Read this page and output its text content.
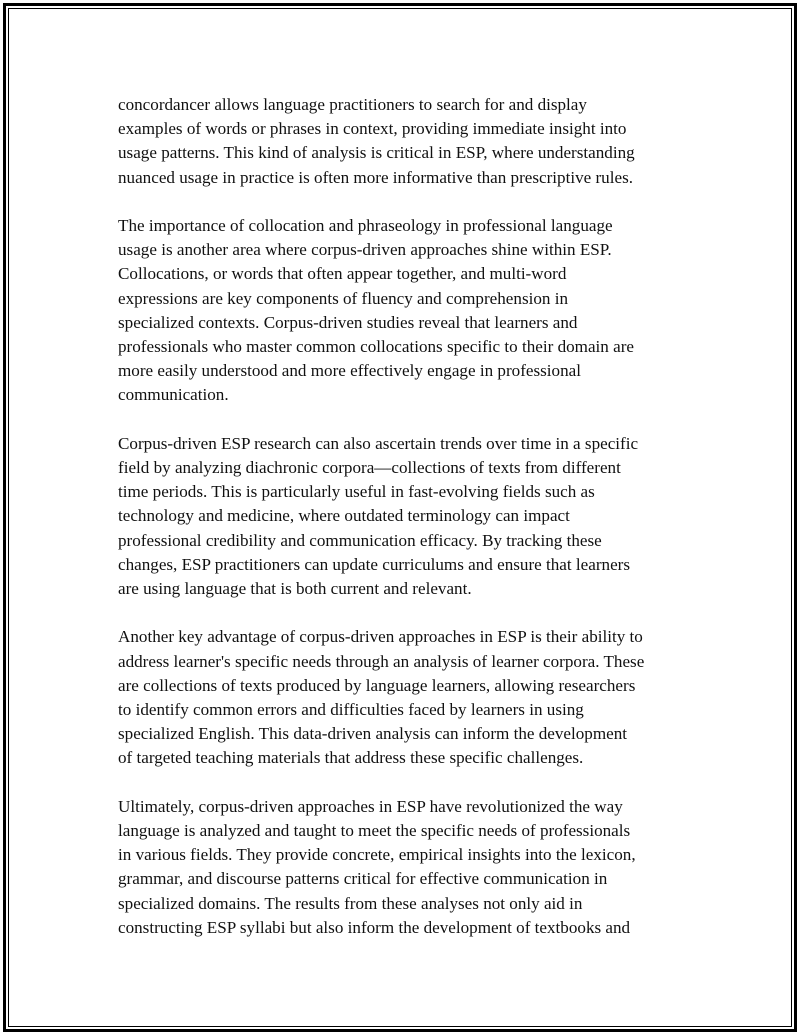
concordancer allows language practitioners to search for and display
examples of words or phrases in context, providing immediate insight into
usage patterns. This kind of analysis is critical in ESP, where understanding
nuanced usage in practice is often more informative than prescriptive rules.

The importance of collocation and phraseology in professional language
usage is another area where corpus-driven approaches shine within ESP.
Collocations, or words that often appear together, and multi-word
expressions are key components of fluency and comprehension in
specialized contexts. Corpus-driven studies reveal that learners and
professionals who master common collocations specific to their domain are
more easily understood and more effectively engage in professional
communication.

Corpus-driven ESP research can also ascertain trends over time in a specific
field by analyzing diachronic corpora—collections of texts from different
time periods. This is particularly useful in fast-evolving fields such as
technology and medicine, where outdated terminology can impact
professional credibility and communication efficacy. By tracking these
changes, ESP practitioners can update curriculums and ensure that learners
are using language that is both current and relevant.

Another key advantage of corpus-driven approaches in ESP is their ability to
address learner's specific needs through an analysis of learner corpora. These
are collections of texts produced by language learners, allowing researchers
to identify common errors and difficulties faced by learners in using
specialized English. This data-driven analysis can inform the development
of targeted teaching materials that address these specific challenges.

Ultimately, corpus-driven approaches in ESP have revolutionized the way
language is analyzed and taught to meet the specific needs of professionals
in various fields. They provide concrete, empirical insights into the lexicon,
grammar, and discourse patterns critical for effective communication in
specialized domains. The results from these analyses not only aid in
constructing ESP syllabi but also inform the development of textbooks and
